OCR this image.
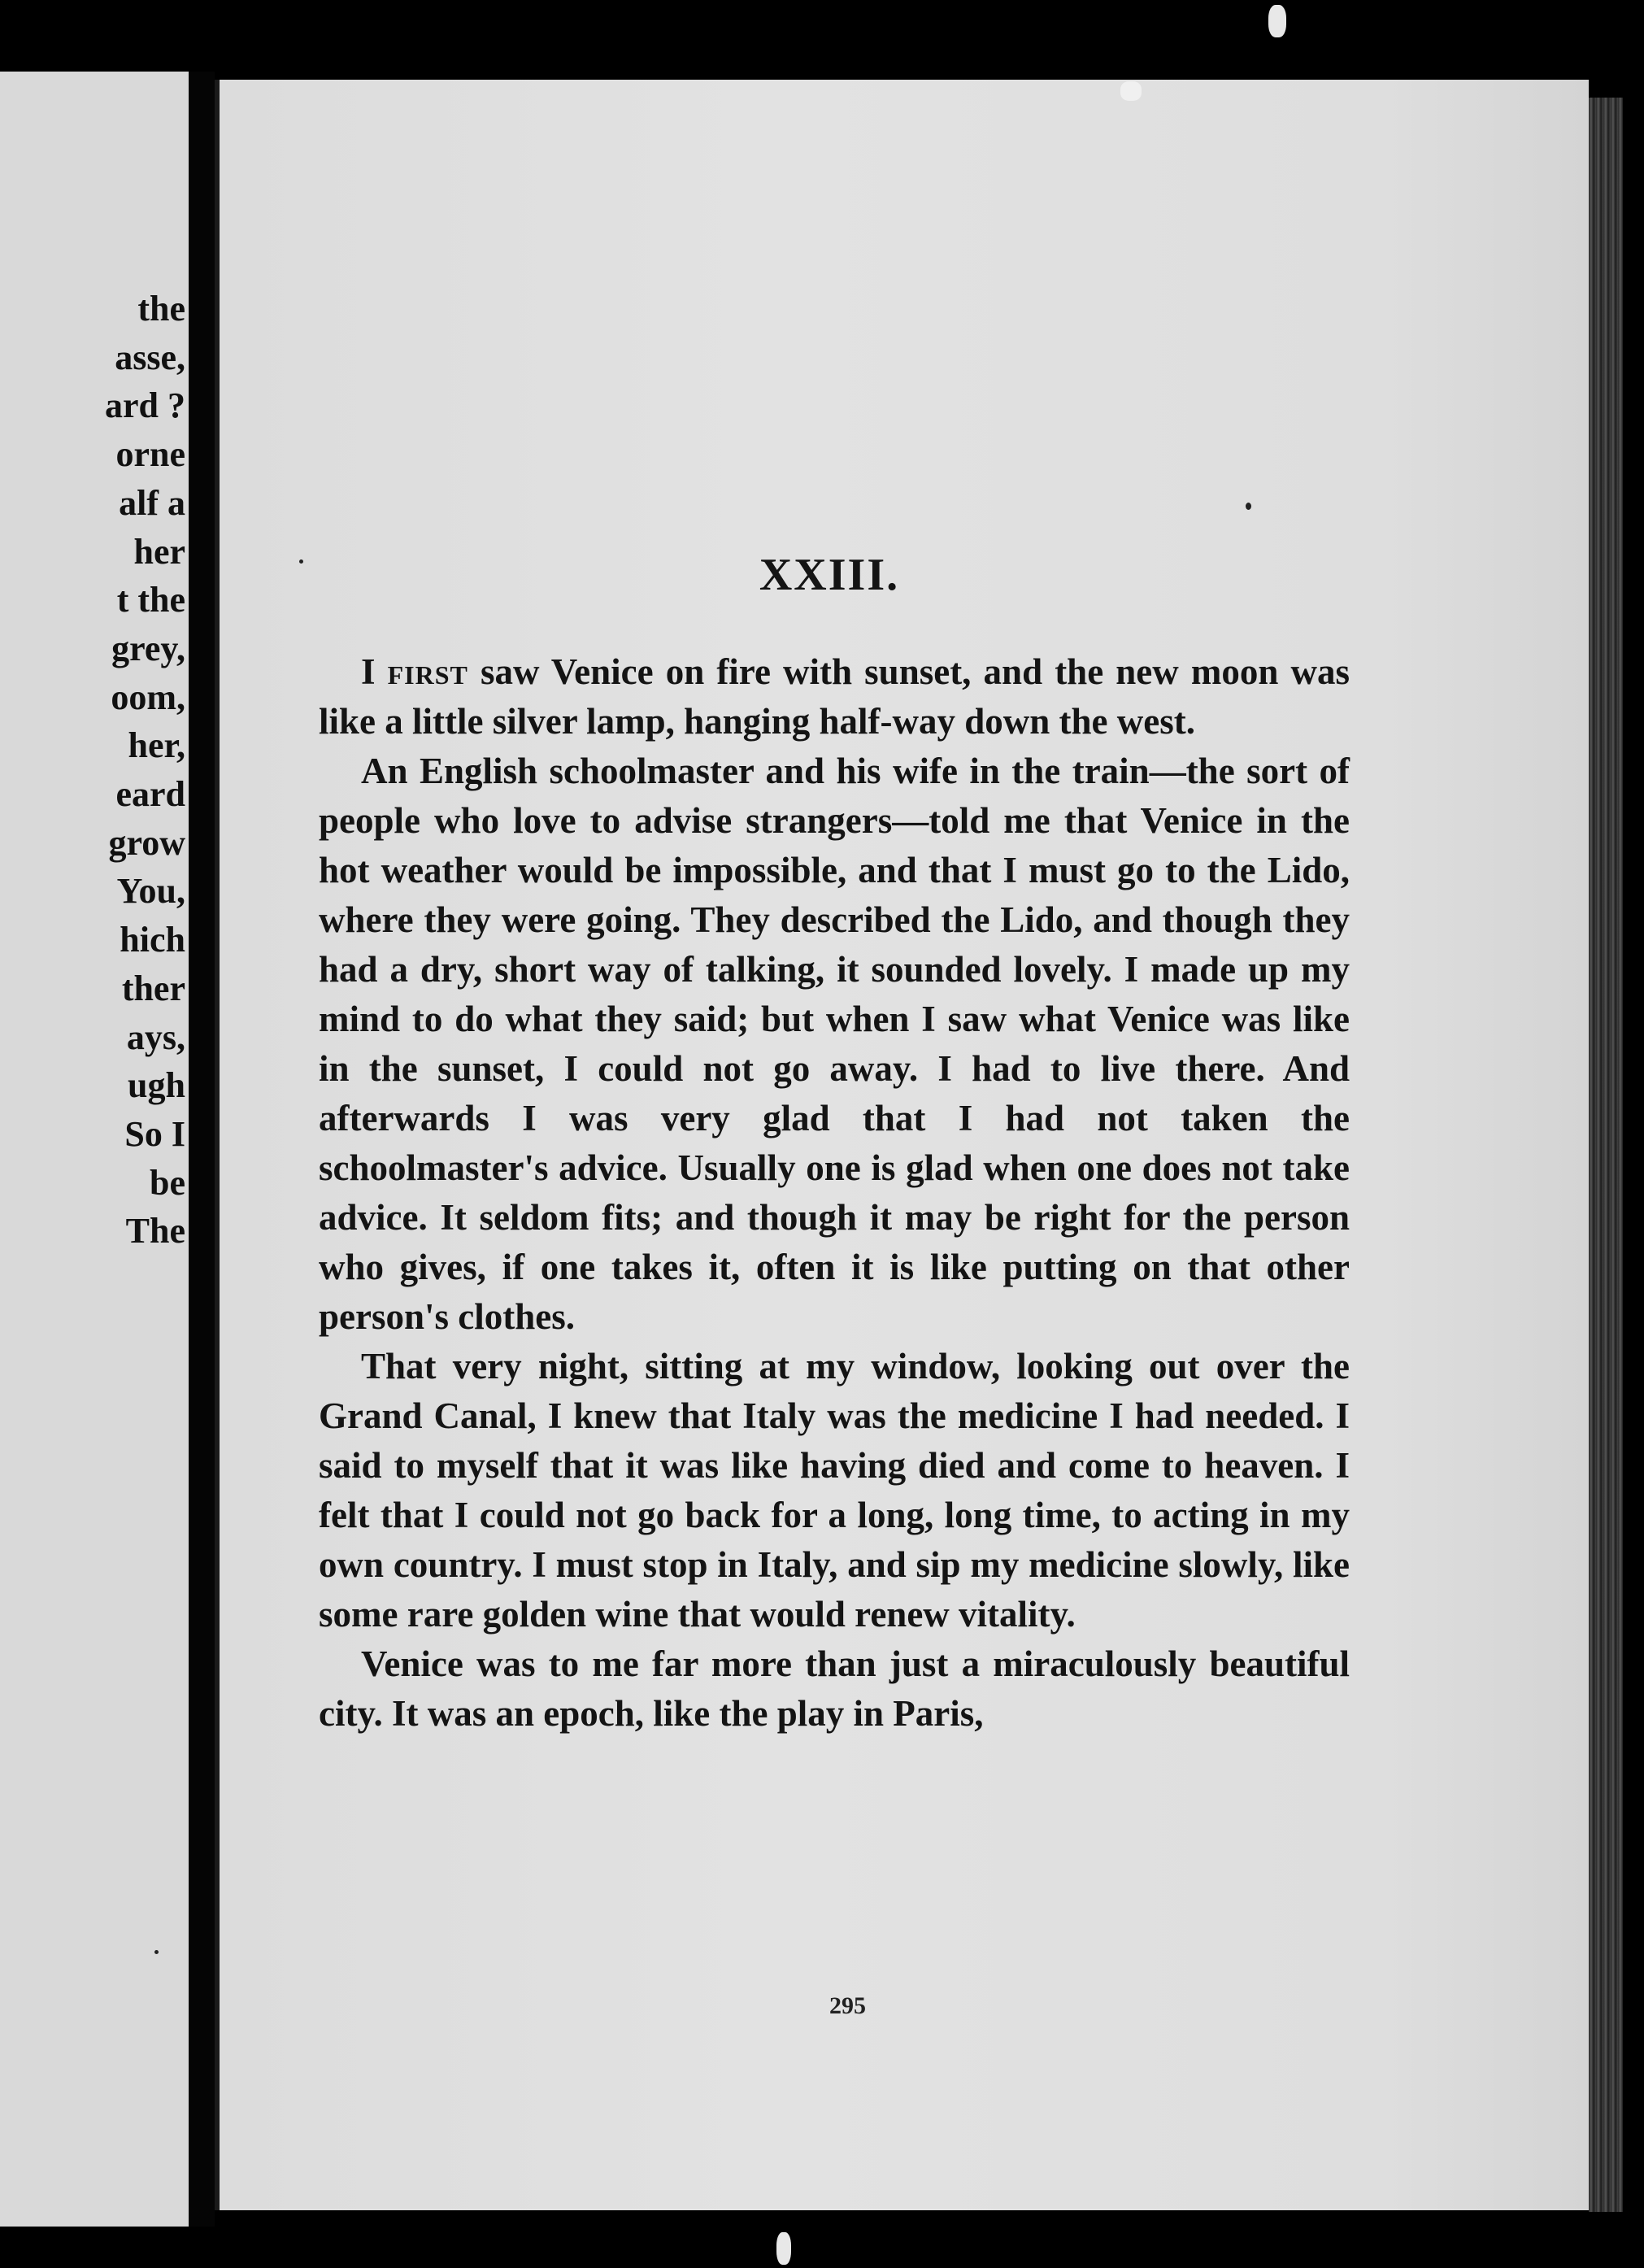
the
asse,
ard ?
orne
alf a
her
t the
grey,
oom,
her,
eard
grow
You,
hich
ther
ays,
ugh
So I
be
The
XXIII.

I first saw Venice on fire with sunset, and the new moon was like a little silver lamp, hanging half-way down the west.

An English schoolmaster and his wife in the train—the sort of people who love to advise strangers—told me that Venice in the hot weather would be impossible, and that I must go to the Lido, where they were going. They described the Lido, and though they had a dry, short way of talking, it sounded lovely. I made up my mind to do what they said; but when I saw what Venice was like in the sunset, I could not go away. I had to live there. And afterwards I was very glad that I had not taken the schoolmaster's advice. Usually one is glad when one does not take advice. It seldom fits; and though it may be right for the person who gives, if one takes it, often it is like putting on that other person's clothes.

That very night, sitting at my window, looking out over the Grand Canal, I knew that Italy was the medicine I had needed. I said to myself that it was like having died and come to heaven. I felt that I could not go back for a long, long time, to acting in my own country. I must stop in Italy, and sip my medicine slowly, like some rare golden wine that would renew vitality.

Venice was to me far more than just a miraculously beautiful city. It was an epoch, like the play in Paris,

295
